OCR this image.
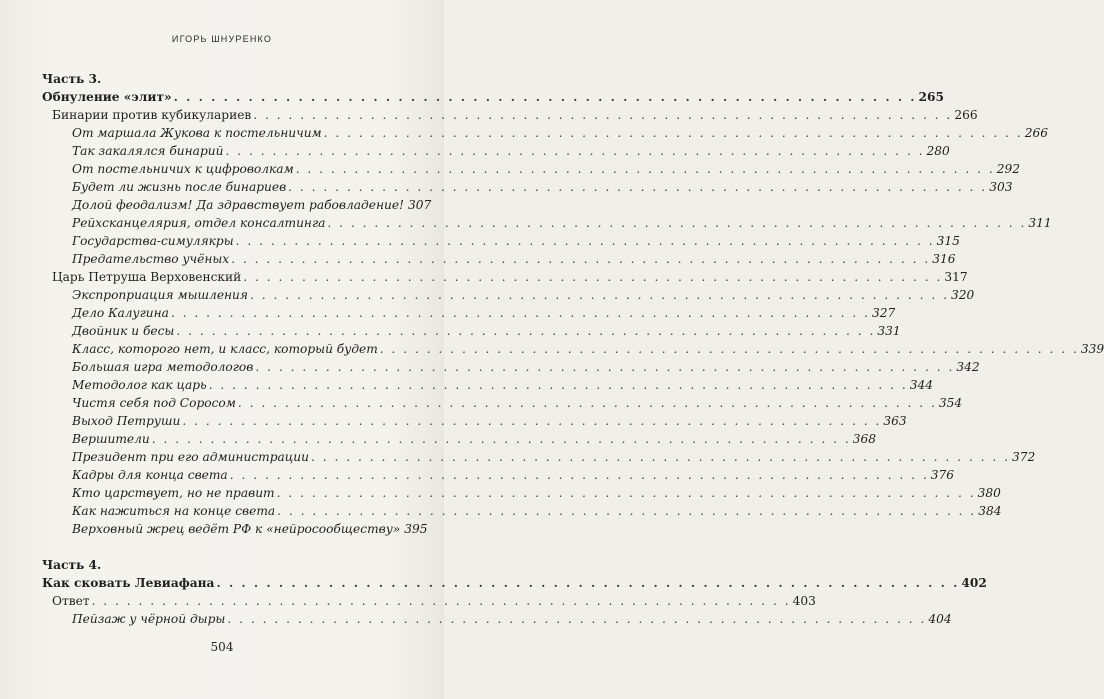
ИГОРЬ ШНУРЕНКО
Часть 3.
Обнуление «элит» . . . . . . . . . . . . . . . . . . . . . . . . . . . . . . . . . . . . . . . . . . . . . . . . . . . . . . . . . . . . 265
Бинарии против кубикулариев . . . . . . . . . . . . . . . . . . . . . . . . . . . . . . . . . . . . . . . . . . . . . . . . . . . . . . . . . . . . 266
От маршала Жукова к постельничим . . . . . . . . . . . . . . . . . . . . . . . . . . . . . . . . . . . . . . . . . . . . . . . . . . . . . . . . . . . . 266
Так закалялся бинарий . . . . . . . . . . . . . . . . . . . . . . . . . . . . . . . . . . . . . . . . . . . . . . . . . . . . . . . . . . . . 280
От постельничих к цифроволкам . . . . . . . . . . . . . . . . . . . . . . . . . . . . . . . . . . . . . . . . . . . . . . . . . . . . . . . . . . . . 292
Будет ли жизнь после бинариев . . . . . . . . . . . . . . . . . . . . . . . . . . . . . . . . . . . . . . . . . . . . . . . . . . . . . . . . . . . . 303
Долой феодализм! Да здравствует рабовладение! 307
Рейхсканцелярия, отдел консалтинга . . . . . . . . . . . . . . . . . . . . . . . . . . . . . . . . . . . . . . . . . . . . . . . . . . . . . . . . . . . . 311
Государства-симулякры . . . . . . . . . . . . . . . . . . . . . . . . . . . . . . . . . . . . . . . . . . . . . . . . . . . . . . . . . . . . 315
Предательство учёных . . . . . . . . . . . . . . . . . . . . . . . . . . . . . . . . . . . . . . . . . . . . . . . . . . . . . . . . . . . . 316
Царь Петруша Верховенский . . . . . . . . . . . . . . . . . . . . . . . . . . . . . . . . . . . . . . . . . . . . . . . . . . . . . . . . . . . . 317
Экспроприация мышления . . . . . . . . . . . . . . . . . . . . . . . . . . . . . . . . . . . . . . . . . . . . . . . . . . . . . . . . . . . . 320
Дело Калугина . . . . . . . . . . . . . . . . . . . . . . . . . . . . . . . . . . . . . . . . . . . . . . . . . . . . . . . . . . . . 327
Двойник и бесы . . . . . . . . . . . . . . . . . . . . . . . . . . . . . . . . . . . . . . . . . . . . . . . . . . . . . . . . . . . . 331
Класс, которого нет, и класс, который будет . . . . . . . . . . . . . . . . . . . . . . . . . . . . . . . . . . . . . . . . . . . . . . . . . . . . . . . . . . . . 339
Большая игра методологов . . . . . . . . . . . . . . . . . . . . . . . . . . . . . . . . . . . . . . . . . . . . . . . . . . . . . . . . . . . . 342
Методолог как царь . . . . . . . . . . . . . . . . . . . . . . . . . . . . . . . . . . . . . . . . . . . . . . . . . . . . . . . . . . . . 344
Чистя себя под Соросом . . . . . . . . . . . . . . . . . . . . . . . . . . . . . . . . . . . . . . . . . . . . . . . . . . . . . . . . . . . . 354
Выход Петруши . . . . . . . . . . . . . . . . . . . . . . . . . . . . . . . . . . . . . . . . . . . . . . . . . . . . . . . . . . . . 363
Вершители . . . . . . . . . . . . . . . . . . . . . . . . . . . . . . . . . . . . . . . . . . . . . . . . . . . . . . . . . . . . 368
Президент при его администрации . . . . . . . . . . . . . . . . . . . . . . . . . . . . . . . . . . . . . . . . . . . . . . . . . . . . . . . . . . . . 372
Кадры для конца света . . . . . . . . . . . . . . . . . . . . . . . . . . . . . . . . . . . . . . . . . . . . . . . . . . . . . . . . . . . . 376
Кто царствует, но не правит . . . . . . . . . . . . . . . . . . . . . . . . . . . . . . . . . . . . . . . . . . . . . . . . . . . . . . . . . . . . 380
Как нажиться на конце света . . . . . . . . . . . . . . . . . . . . . . . . . . . . . . . . . . . . . . . . . . . . . . . . . . . . . . . . . . . . 384
Верховный жрец ведёт РФ к «нейросообществу» 395
Часть 4.
Как сковать Левиафана . . . . . . . . . . . . . . . . . . . . . . . . . . . . . . . . . . . . . . . . . . . . . . . . . . . . . . . . . . . . 402
Ответ . . . . . . . . . . . . . . . . . . . . . . . . . . . . . . . . . . . . . . . . . . . . . . . . . . . . . . . . . . . . 403
Пейзаж у чёрной дыры . . . . . . . . . . . . . . . . . . . . . . . . . . . . . . . . . . . . . . . . . . . . . . . . . . . . . . . . . . . . 404
504
